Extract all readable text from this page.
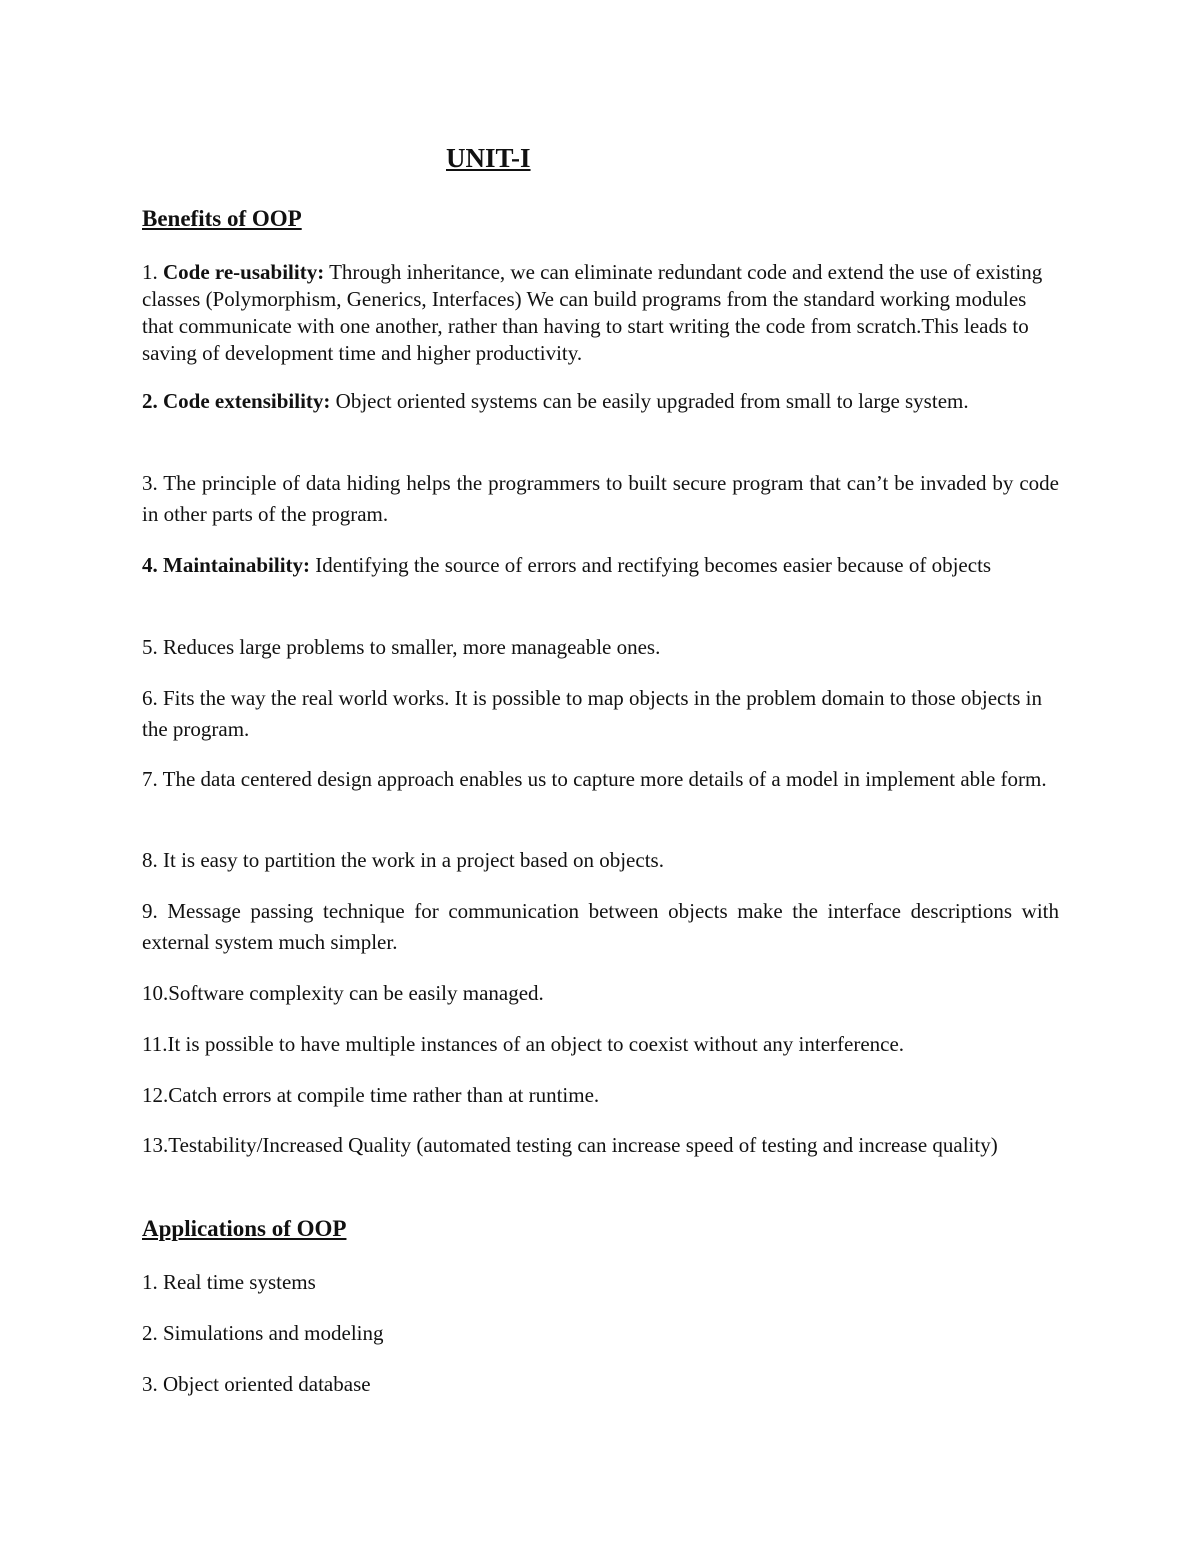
UNIT-I
Benefits of OOP

1. Code re-usability: Through inheritance, we can eliminate redundant code and extend the use of existing classes (Polymorphism, Generics, Interfaces) We can build programs from the standard working modules that communicate with one another, rather than having to start writing the code from scratch.This leads to saving of development time and higher productivity.

2. Code extensibility: Object oriented systems can be easily upgraded from small to large system.

3. The principle of data hiding helps the programmers to built secure program that can’t be invaded by code in other parts of the program.

4. Maintainability: Identifying the source of errors and rectifying becomes easier because of objects

5. Reduces large problems to smaller, more manageable ones.

6. Fits the way the real world works. It is possible to map objects in the problem domain to those objects in the program.

7. The data centered design approach enables us to capture more details of a model in implement able form.

8. It is easy to partition the work in a project based on objects.

9. Message passing technique for communication between objects make the interface descriptions with external system much simpler.

10.Software complexity can be easily managed.

11.It is possible to have multiple instances of an object to coexist without any interference.

12.Catch errors at compile time rather than at runtime.

13.Testability/Increased Quality (automated testing can increase speed of testing and increase quality)

Applications of OOP

1. Real time systems

2. Simulations and modeling

3. Object oriented database
